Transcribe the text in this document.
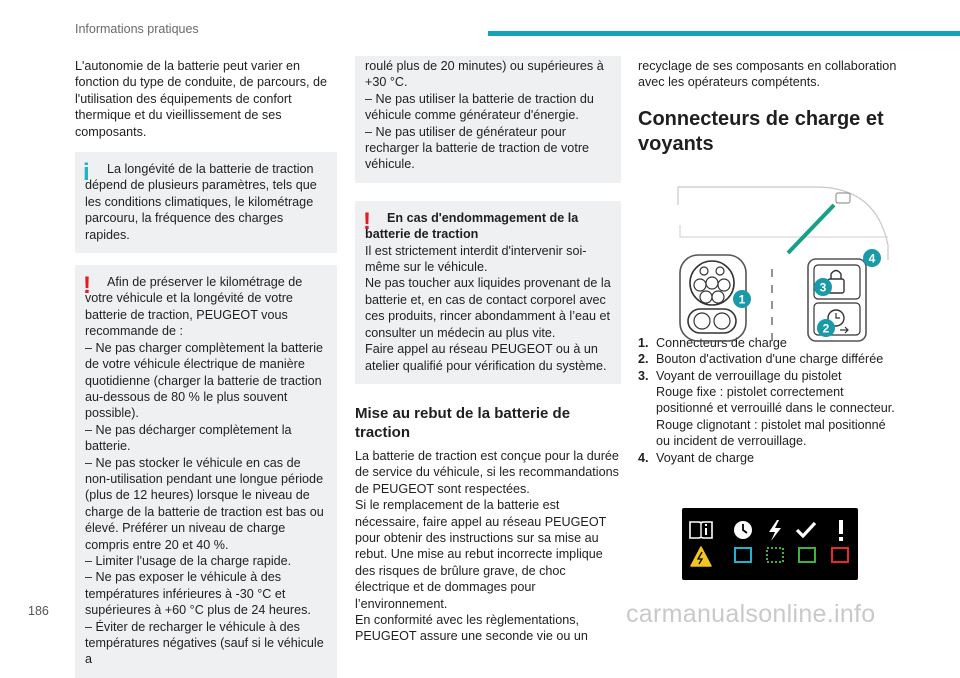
Informations pratiques

L'autonomie de la batterie peut varier en fonction du type de conduite, de parcours, de l'utilisation des équipements de confort thermique et du vieillissement de ses composants.

i	La longévité de la batterie de traction dépend de plusieurs paramètres, tels que les conditions climatiques, le kilométrage parcouru, la fréquence des charges rapides.

!	Afin de préserver le kilométrage de votre véhicule et la longévité de votre batterie de traction, PEUGEOT vous recommande de :

– Ne pas charger complètement la batterie de votre véhicule électrique de manière quotidienne (charger la batterie de traction au-dessous de 80 % le plus souvent possible).

– Ne pas décharger complètement la batterie.

– Ne pas stocker le véhicule en cas de non-utilisation pendant une longue période (plus de 12 heures) lorsque le niveau de charge de la batterie de traction est bas ou élevé. Préférer un niveau de charge compris entre 20 et 40 %.

– Limiter l'usage de la charge rapide.

– Ne pas exposer le véhicule à des températures inférieures à -30 °C et supérieures à +60 °C plus de 24 heures.

– Éviter de recharger le véhicule à des températures négatives (sauf si le véhicule a

roulé plus de 20 minutes) ou supérieures à +30 °C.

– Ne pas utiliser la batterie de traction du véhicule comme générateur d'énergie.

– Ne pas utiliser de générateur pour recharger la batterie de traction de votre véhicule.

!	En cas d'endommagement de la batterie de traction

Il est strictement interdit d'intervenir soi-même sur le véhicule.

Ne pas toucher aux liquides provenant de la batterie et, en cas de contact corporel avec ces produits, rincer abondamment à l’eau et consulter un médecin au plus vite.

Faire appel au réseau PEUGEOT ou à un atelier qualifié pour vérification du système.

Mise au rebut de la batterie de traction

La batterie de traction est conçue pour la durée de service du véhicule, si les recommandations de PEUGEOT sont respectées.

Si le remplacement de la batterie est nécessaire, faire appel au réseau PEUGEOT pour obtenir des instructions sur sa mise au rebut. Une mise au rebut incorrecte implique des risques de brûlure grave, de choc électrique et de dommages pour l’environnement.

En conformité avec les règlementations, PEUGEOT assure une seconde vie ou un

recyclage de ses composants en collaboration avec les opérateurs compétents.

Connecteurs de charge et voyants
1. Connecteurs de charge

2. Bouton d'activation d'une charge différée

3. Voyant de verrouillage du pistolet

Rouge fixe : pistolet correctement positionné et verrouillé dans le connecteur.

Rouge clignotant : pistolet mal positionné ou incident de verrouillage.

4. Voyant de charge

1
2
3
4
186	carmanualsonline.info
